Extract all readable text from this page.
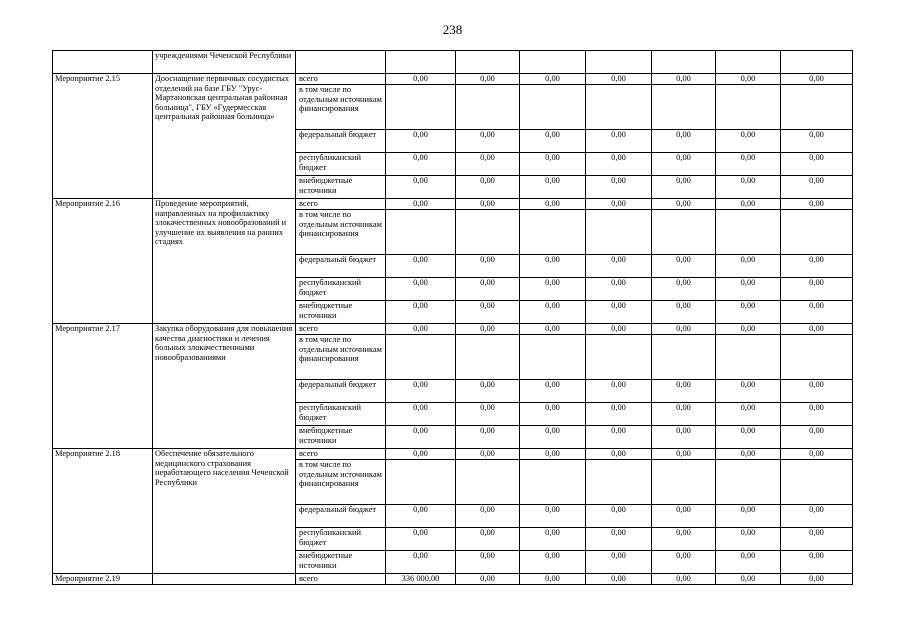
238
	учреждениями Чеченской Республики								
Мероприятие 2.15	Дооснащение первичных сосудистых отделений на базе ГБУ "Урус-Мартановская центральная районная больница", ГБУ «Гудермесская центральная районная больница»	всего	0,00	0,00	0,00	0,00	0,00	0,00	0,00
		в том числе по отдельным источникам финансирования							
		федеральный бюджет	0,00	0,00	0,00	0,00	0,00	0,00	0,00
		республиканский бюджет	0,00	0,00	0,00	0,00	0,00	0,00	0,00
		внебюджетные источники	0,00	0,00	0,00	0,00	0,00	0,00	0,00
Мероприятие 2.16	Проведение мероприятий, направленных на профилактику злокачественных новообразований и улучшение их выявления на ранних стадиях	всего	0,00	0,00	0,00	0,00	0,00	0,00	0,00
		в том числе по отдельным источникам финансирования							
		федеральный бюджет	0,00	0,00	0,00	0,00	0,00	0,00	0,00
		республиканский бюджет	0,00	0,00	0,00	0,00	0,00	0,00	0,00
		внебюджетные источники	0,00	0,00	0,00	0,00	0,00	0,00	0,00
Мероприятие 2.17	Закупка оборудования для повышения качества диагностики и лечения больных злокачественными новообразованиями	всего	0,00	0,00	0,00	0,00	0,00	0,00	0,00
		в том числе по отдельным источникам финансирования							
		федеральный бюджет	0,00	0,00	0,00	0,00	0,00	0,00	0,00
		республиканский бюджет	0,00	0,00	0,00	0,00	0,00	0,00	0,00
		внебюджетные источники	0,00	0,00	0,00	0,00	0,00	0,00	0,00
Мероприятие 2.18	Обеспечение обязательного медицинского страхования неработающего населения Чеченской Республики	всего	0,00	0,00	0,00	0,00	0,00	0,00	0,00
		в том числе по отдельным источникам финансирования							
		федеральный бюджет	0,00	0,00	0,00	0,00	0,00	0,00	0,00
		республиканский бюджет	0,00	0,00	0,00	0,00	0,00	0,00	0,00
		внебюджетные источники	0,00	0,00	0,00	0,00	0,00	0,00	0,00
Мероприятие 2.19		всего	336 000,00	0,00	0,00	0,00	0,00	0,00	0,00
